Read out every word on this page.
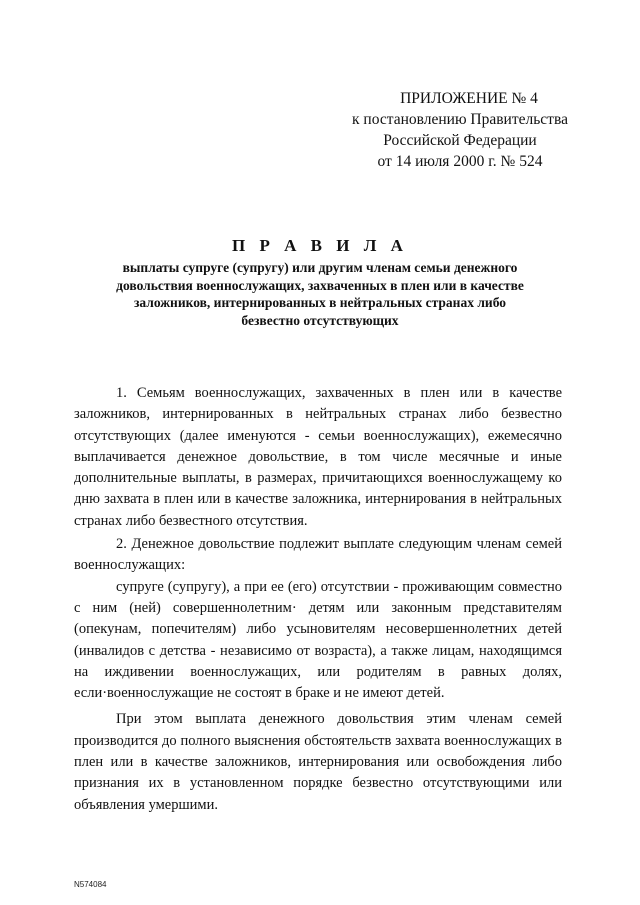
ПРИЛОЖЕНИЕ № 4
к постановлению Правительства
Российской Федерации
от 14 июля 2000 г. № 524
П Р А В И Л А
выплаты супруге (супругу) или другим членам семьи денежного
довольствия военнослужащих, захваченных в плен или в качестве
заложников, интернированных в нейтральных странах либо
безвестно отсутствующих

1. Семьям военнослужащих, захваченных в плен или в качестве заложников, интернированных в нейтральных странах либо безвестно отсутствующих (далее именуются - семьи военнослужащих), ежемесячно выплачивается денежное довольствие, в том числе месячные и иные дополнительные выплаты, в размерах, причитающихся военнослужащему ко дню захвата в плен или в качестве заложника, интернирования в нейтральных странах либо безвестного отсутствия.

2. Денежное довольствие подлежит выплате следующим членам семей военнослужащих:

супруге (супругу), а при ее (его) отсутствии - проживающим совместно с ним (ней) совершеннолетним· детям или законным представителям (опекунам, попечителям) либо усыновителям несовершеннолетних детей (инвалидов с детства - независимо от возраста), а также лицам, находящимся на иждивении военнослужащих, или родителям в равных долях, если·военнослужащие не состоят в браке и не имеют детей.

При этом выплата денежного довольствия этим членам семей производится до полного выяснения обстоятельств захвата военнослужащих в плен или в качестве заложников, интернирования или освобождения либо признания их в установленном порядке безвестно отсутствующими или объявления умершими.

N574084
